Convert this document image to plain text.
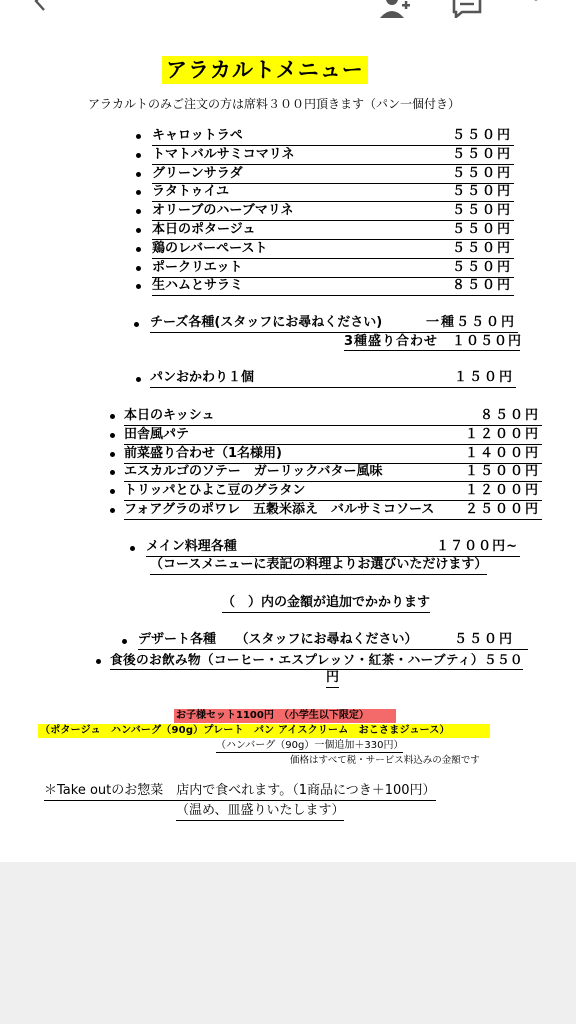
アラカルトメニュー
アラカルトのみご注文の方は席料３００円頂きます（パン一個付き）
キャロットラペ	５５０円
トマトバルサミコマリネ	５５０円
グリーンサラダ	５５０円
ラタトゥイユ	５５０円
オリーブのハーブマリネ	５５０円
本日のポタージュ	５５０円
鶏のレバーペースト	５５０円
ポークリエット	５５０円
生ハムとサラミ	８５０円
チーズ各種(スタッフにお尋ねください)	一種５５０円
3種盛り合わせ　１０５０円
パンおかわり１個	１５０円
本日のキッシュ	８５０円
田舎風パテ	１２００円
前菜盛り合わせ（1名様用)	１４００円
エスカルゴのソテー　ガーリックバター風味	１５００円
トリッパとひよこ豆のグラタン	１２００円
フォアグラのポワレ　五穀米添え　バルサミコソース ２５００円
メイン料理各種	１７００円~
（コースメニューに表記の料理よりお選びいただけます）
（　）内の金額が追加でかかります
デザート各種　　（スタッフにお尋ねください）	５５０円
食後のお飲み物（コーヒー・エスプレッソ・紅茶・ハーブティ）５５０
円
お子様セット1100円　（小学生以下限定）
（ポタージュ　ハンバーグ（90g）プレート　パン アイスクリーム　おこさまジュース）
（ハンバーグ（90g）一個追加＋330円）
価格はすべて税・サービス料込みの金額です
＊Take outのお惣菜　店内で食べれます。（1商品につき＋100円）
（温め、皿盛りいたします）
